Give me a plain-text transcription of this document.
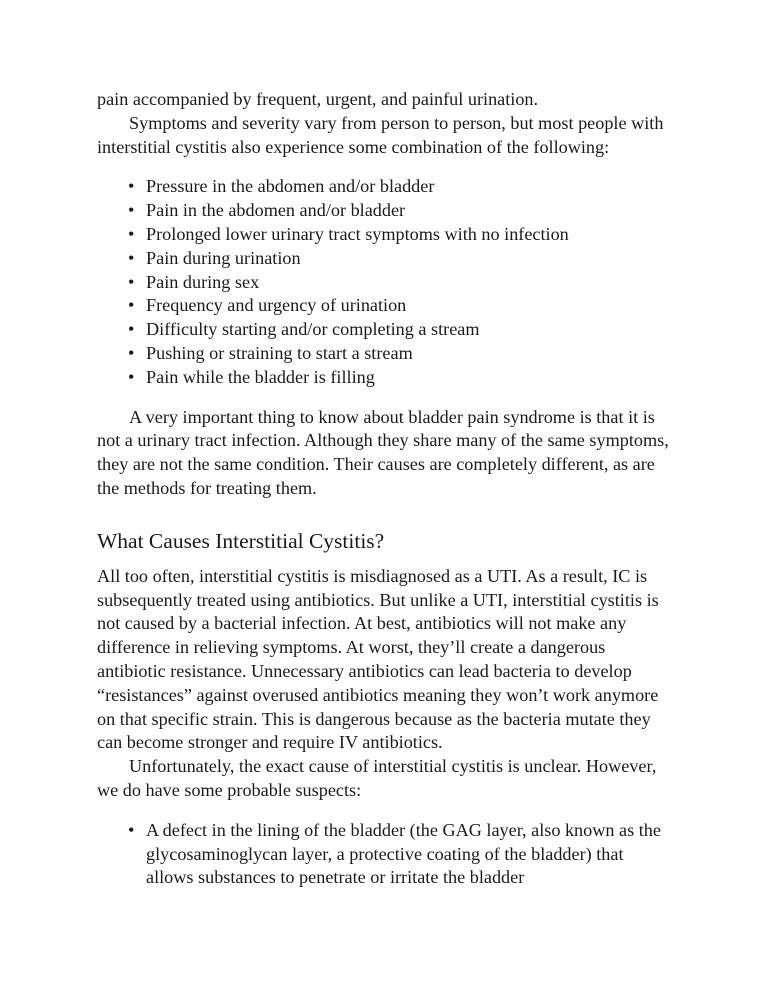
pain accompanied by frequent, urgent, and painful urination.

Symptoms and severity vary from person to person, but most people with interstitial cystitis also experience some combination of the following:

• Pressure in the abdomen and/or bladder
• Pain in the abdomen and/or bladder
• Prolonged lower urinary tract symptoms with no infection
• Pain during urination
• Pain during sex
• Frequency and urgency of urination
• Difficulty starting and/or completing a stream
• Pushing or straining to start a stream
• Pain while the bladder is filling

A very important thing to know about bladder pain syndrome is that it is not a urinary tract infection. Although they share many of the same symptoms, they are not the same condition. Their causes are completely different, as are the methods for treating them.

What Causes Interstitial Cystitis?

All too often, interstitial cystitis is misdiagnosed as a UTI. As a result, IC is subsequently treated using antibiotics. But unlike a UTI, interstitial cystitis is not caused by a bacterial infection. At best, antibiotics will not make any difference in relieving symptoms. At worst, they’ll create a dangerous antibiotic resistance. Unnecessary antibiotics can lead bacteria to develop “resistances” against overused antibiotics meaning they won’t work anymore on that specific strain. This is dangerous because as the bacteria mutate they can become stronger and require IV antibiotics.

Unfortunately, the exact cause of interstitial cystitis is unclear. However, we do have some probable suspects:

• A defect in the lining of the bladder (the GAG layer, also known as the glycosaminoglycan layer, a protective coating of the bladder) that allows substances to penetrate or irritate the bladder
